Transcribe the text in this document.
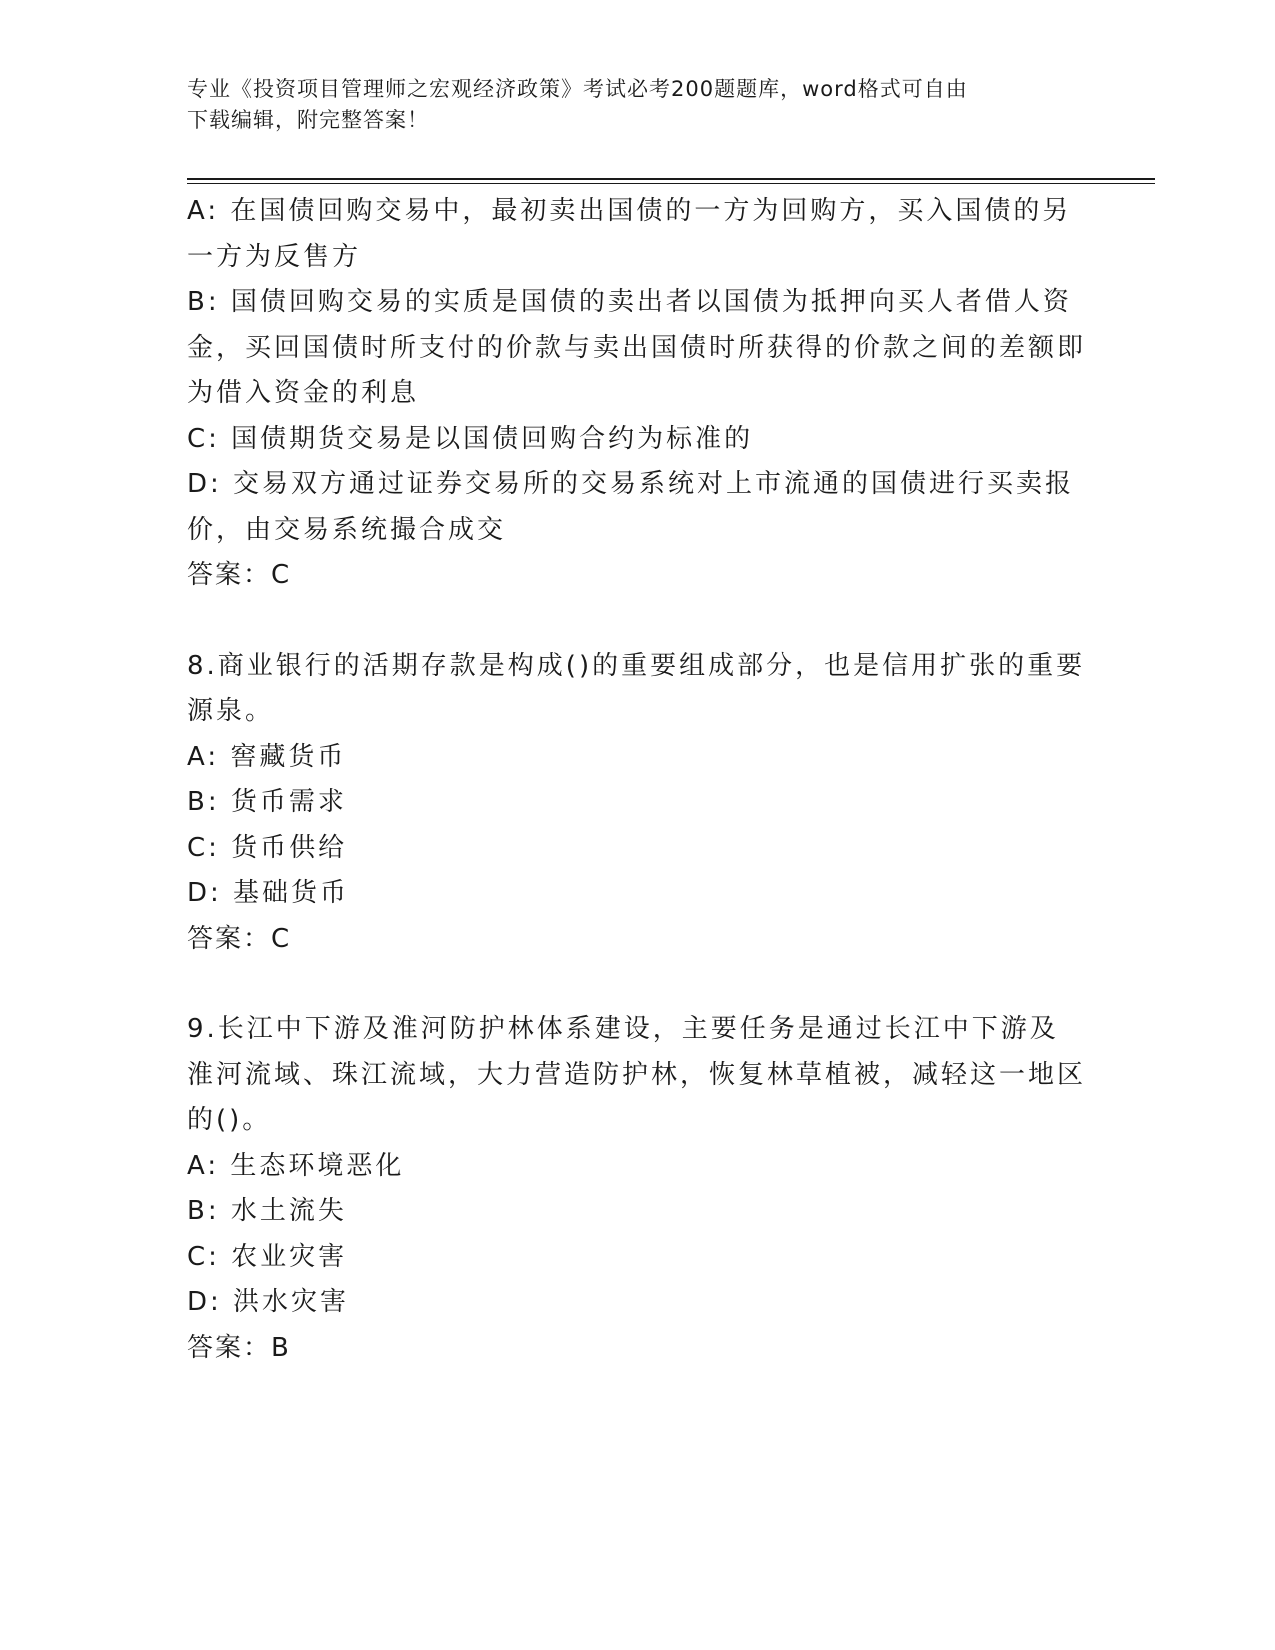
专业《投资项目管理师之宏观经济政策》考试必考200题题库，word格式可自由
下载编辑，附完整答案！
A: 在国债回购交易中，最初卖出国债的一方为回购方，买入国债的另一方为反售方
B: 国债回购交易的实质是国债的卖出者以国债为抵押向买人者借人资金，买回国债时所支付的价款与卖出国债时所获得的价款之间的差额即为借入资金的利息
C: 国债期货交易是以国债回购合约为标准的
D: 交易双方通过证券交易所的交易系统对上市流通的国债进行买卖报价，由交易系统撮合成交
答案：C
8.商业银行的活期存款是构成()的重要组成部分，也是信用扩张的重要源泉。
A: 窖藏货币
B: 货币需求
C: 货币供给
D: 基础货币
答案：C
9.长江中下游及淮河防护林体系建设，主要任务是通过长江中下游及淮河流域、珠江流域，大力营造防护林，恢复林草植被，减轻这一地区的()。
A: 生态环境恶化
B: 水土流失
C: 农业灾害
D: 洪水灾害
答案：B
